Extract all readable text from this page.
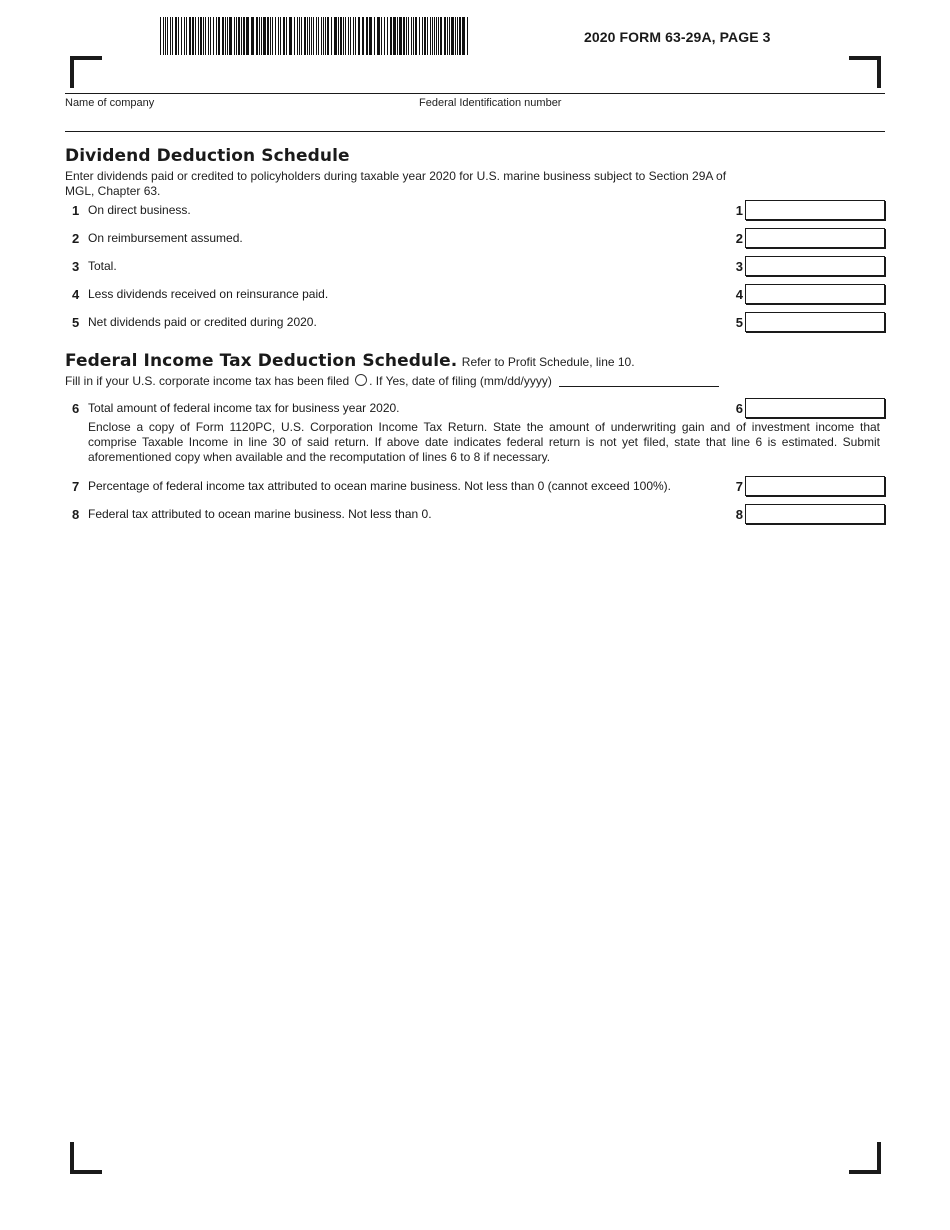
2020 FORM 63-29A, PAGE 3
Name of company	Federal Identification number
Dividend Deduction Schedule
Enter dividends paid or credited to policyholders during taxable year 2020 for U.S. marine business subject to Section 29A of MGL, Chapter 63.
1 On direct business.	1
2 On reimbursement assumed.	2
3 Total.	3
4 Less dividends received on reinsurance paid.	4
5 Net dividends paid or credited during 2020.	5
Federal Income Tax Deduction Schedule. Refer to Profit Schedule, line 10.
Fill in if your U.S. corporate income tax has been filed . If Yes, date of filing (mm/dd/yyyy)
6 Total amount of federal income tax for business year 2020.	6
Enclose a copy of Form 1120PC, U.S. Corporation Income Tax Return. State the amount of underwriting gain and of investment income that comprise Taxable Income in line 30 of said return. If above date indicates federal return is not yet filed, state that line 6 is estimated. Submit aforementioned copy when available and the recomputation of lines 6 to 8 if necessary.
7 Percentage of federal income tax attributed to ocean marine business. Not less than 0 (cannot exceed 100%).	7
8 Federal tax attributed to ocean marine business. Not less than 0.	8
